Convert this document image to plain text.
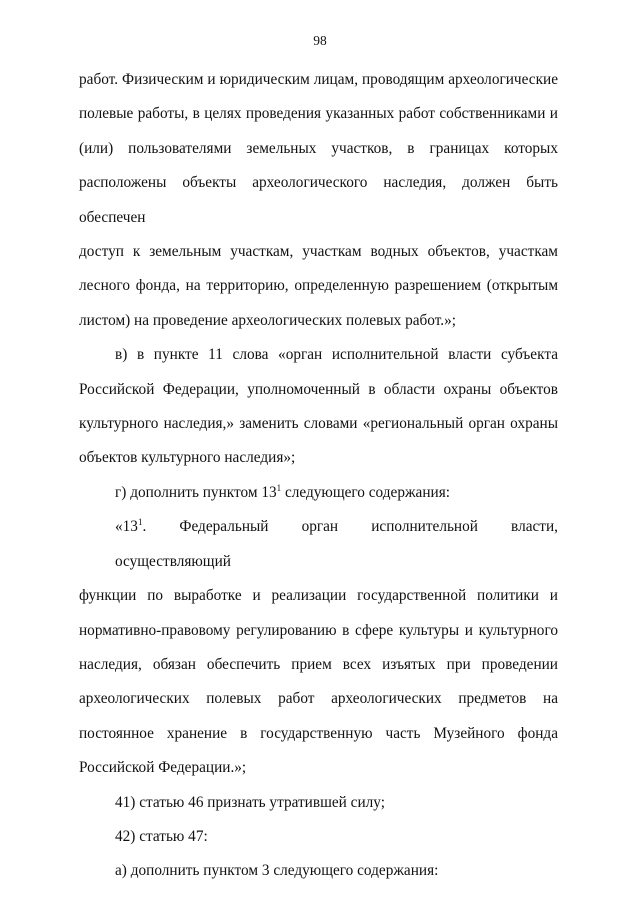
98
работ. Физическим и юридическим лицам, проводящим археологические
полевые работы, в целях проведения указанных работ собственниками и
(или) пользователями земельных участков, в границах которых
расположены объекты археологического наследия, должен быть обеспечен
доступ к земельным участкам, участкам водных объектов, участкам
лесного фонда, на территорию, определенную разрешением (открытым
листом) на проведение археологических полевых работ.»;
в) в пункте 11 слова «орган исполнительной власти субъекта
Российской Федерации, уполномоченный в области охраны объектов
культурного наследия,» заменить словами «региональный орган охраны
объектов культурного наследия»;
г) дополнить пунктом $13^1$ следующего содержания:
«$13^1$. Федеральный орган исполнительной власти, осуществляющий
функции по выработке и реализации государственной политики и
нормативно-правовому регулированию в сфере культуры и культурного
наследия, обязан обеспечить прием всех изъятых при проведении
археологических полевых работ археологических предметов на
постоянное хранение в государственную часть Музейного фонда
Российской Федерации.»;
41) статью 46 признать утратившей силу;
42) статью 47:
а) дополнить пунктом 3 следующего содержания:
